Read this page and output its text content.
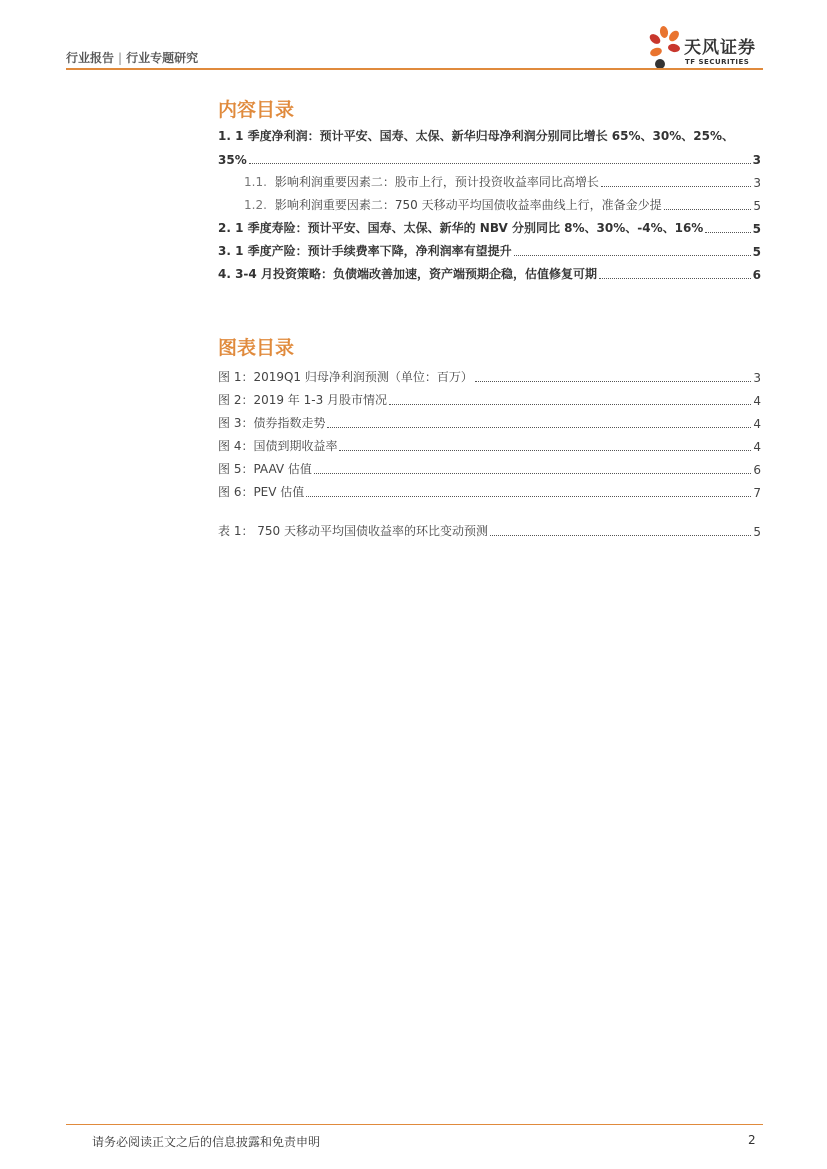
行业报告 | 行业专题研究	天风证券
TF SECURITIES
内容目录
1. 1 季度净利润：预计平安、国寿、太保、新华归母净利润分别同比增长 65%、30%、25%、
35%	3
1.1. 影响利润重要因素二：股市上行，预计投资收益率同比高增长	3
1.2. 影响利润重要因素二：750 天移动平均国债收益率曲线上行，准备金少提	5
2. 1 季度寿险：预计平安、国寿、太保、新华的 NBV 分别同比 8%、30%、-4%、16%	5
3. 1 季度产险：预计手续费率下降，净利润率有望提升	5
4. 3-4 月投资策略：负债端改善加速，资产端预期企稳，估值修复可期	6
图表目录
图 1：2019Q1 归母净利润预测（单位：百万）	3
图 2：2019 年 1-3 月股市情况	4
图 3：债券指数走势	4
图 4：国债到期收益率	4
图 5：PAAV 估值	6
图 6：PEV 估值	7
表 1： 750 天移动平均国债收益率的环比变动预测	5
请务必阅读正文之后的信息披露和免责申明	2
